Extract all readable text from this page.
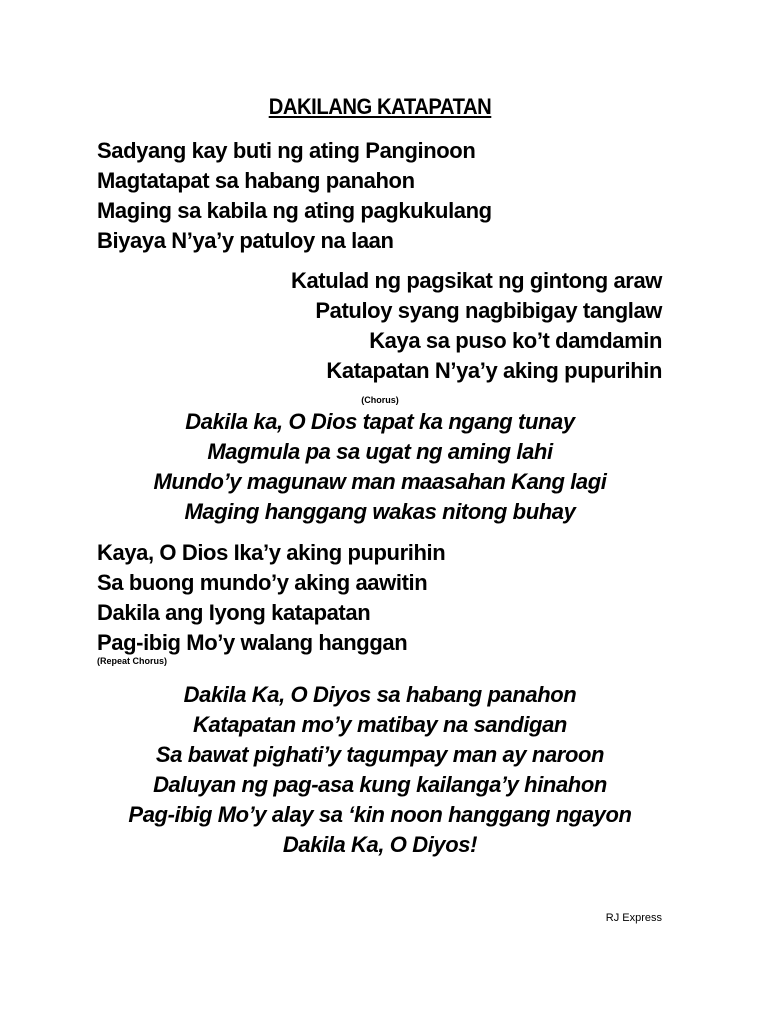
DAKILANG KATAPATAN
Sadyang kay buti ng ating Panginoon
Magtatapat sa habang panahon
Maging sa kabila ng ating pagkukulang
Biyaya N’ya’y patuloy na laan
Katulad ng pagsikat ng gintong araw
Patuloy syang nagbibigay tanglaw
Kaya sa puso ko’t damdamin
Katapatan N’ya’y aking pupurihin
(Chorus)
Dakila ka, O Dios tapat ka ngang tunay
Magmula pa sa ugat ng aming lahi
Mundo’y magunaw man maasahan Kang lagi
Maging hanggang wakas nitong buhay
Kaya, O Dios Ika’y aking pupurihin
Sa buong mundo’y aking aawitin
Dakila ang Iyong katapatan
Pag-ibig Mo’y walang hanggan
(Repeat Chorus)
Dakila Ka, O Diyos sa habang panahon
Katapatan mo’y matibay na sandigan
Sa bawat pighati’y tagumpay man ay naroon
Daluyan ng pag-asa kung kailanga’y hinahon
Pag-ibig Mo’y alay sa ‘kin noon hanggang ngayon
Dakila Ka, O Diyos!
RJ Express
